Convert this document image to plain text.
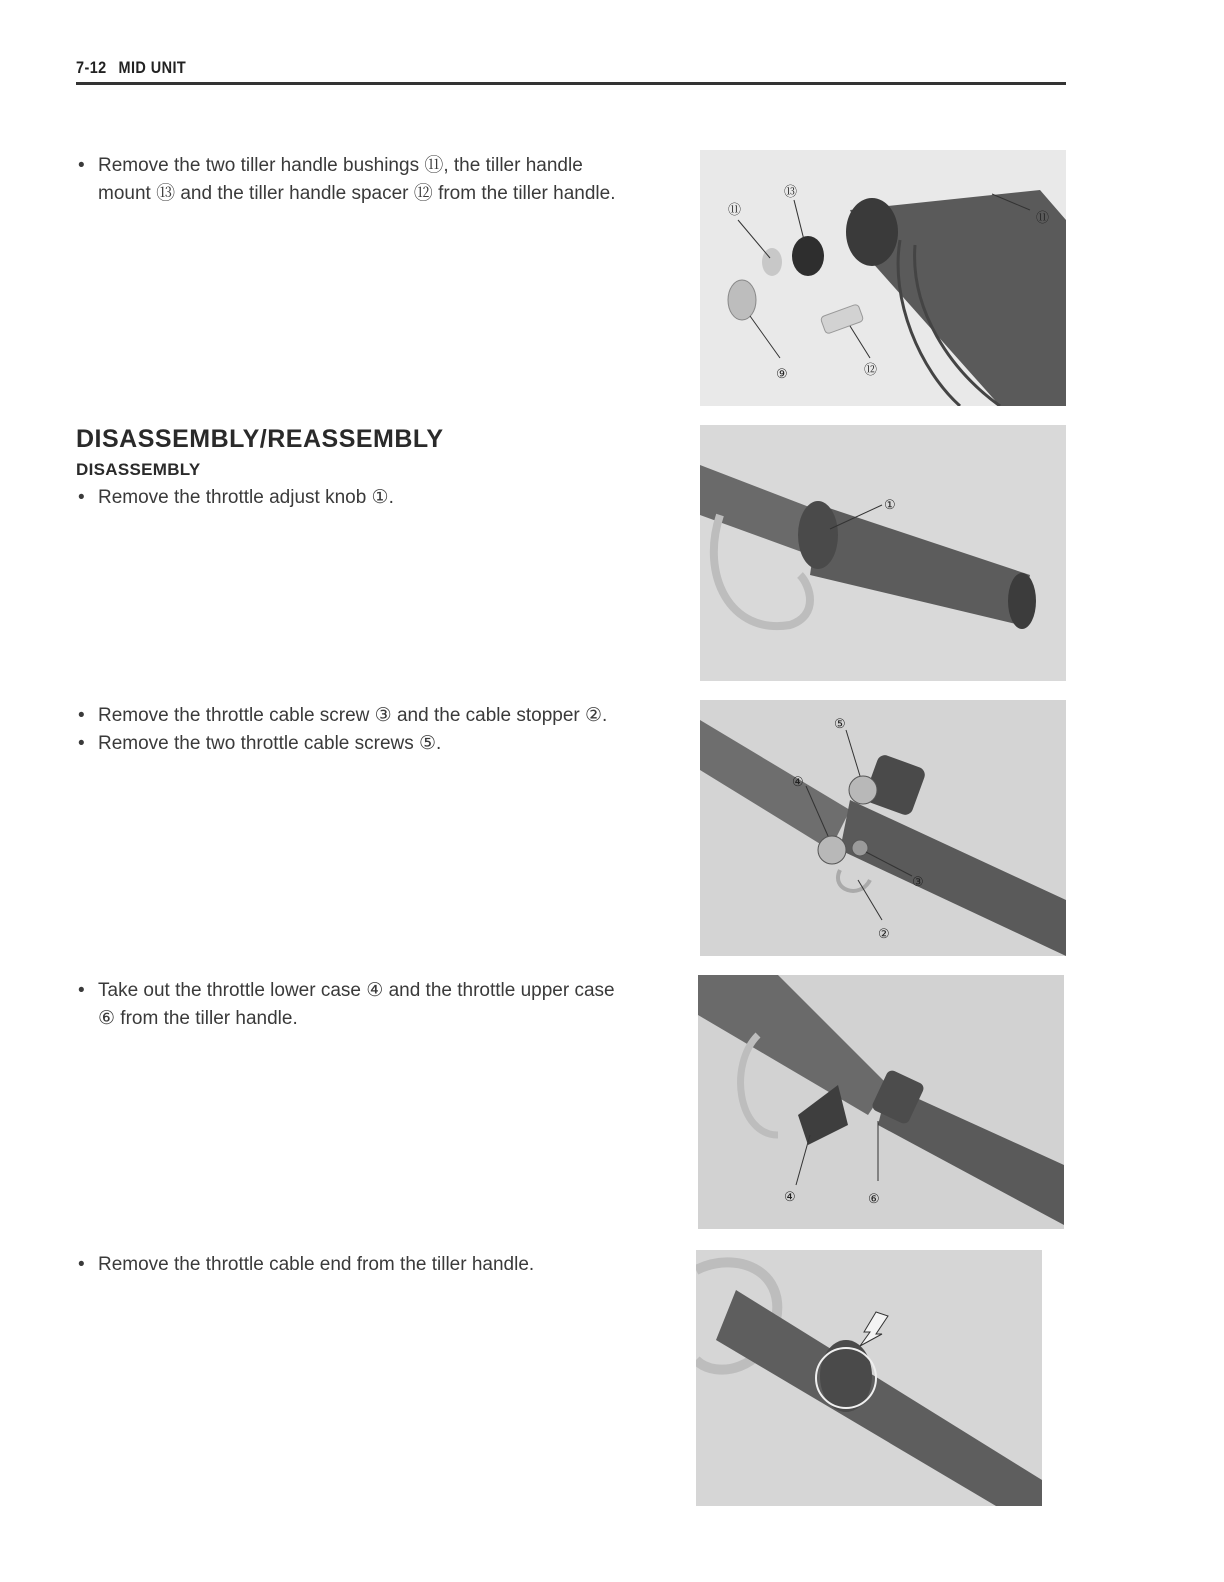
7-12 MID UNIT
• Remove the two tiller handle bushings ⑪, the tiller handle
mount ⑬ and the tiller handle spacer ⑫ from the tiller handle.
DISASSEMBLY/REASSEMBLY
DISASSEMBLY
• Remove the throttle adjust knob ①.
• Remove the throttle cable screw ③ and the cable stopper ②.
• Remove the two throttle cable screws ⑤.
• Take out the throttle lower case ④ and the throttle upper case
⑥ from the tiller handle.
• Remove the throttle cable end from the tiller handle.
⑪
⑬
⑪
⑨	⑫
①
⑤
④
③
②
④	⑥
